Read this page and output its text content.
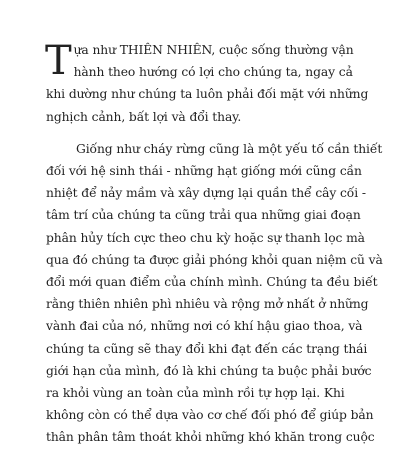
T ựa như THIÊN NHIÊN, cuộc sống thường vận
hành theo hướng có lợi cho chúng ta, ngay cả
khi dường như chúng ta luôn phải đối mặt với những
nghịch cảnh, bất lợi và đổi thay.

Giống như cháy rừng cũng là một yếu tố cần thiết
đối với hệ sinh thái - những hạt giống mới cũng cần
nhiệt để nảy mầm và xây dựng lại quần thể cây cối -
tâm trí của chúng ta cũng trải qua những giai đoạn
phân hủy tích cực theo chu kỳ hoặc sự thanh lọc mà
qua đó chúng ta được giải phóng khỏi quan niệm cũ và
đổi mới quan điểm của chính mình. Chúng ta đều biết
rằng thiên nhiên phì nhiêu và rộng mở nhất ở những
vành đai của nó, những nơi có khí hậu giao thoa, và
chúng ta cũng sẽ thay đổi khi đạt đến các trạng thái
giới hạn của mình, đó là khi chúng ta buộc phải bước
ra khỏi vùng an toàn của mình rồi tự hợp lại. Khi
không còn có thể dựa vào cơ chế đối phó để giúp bản
thân phân tâm thoát khỏi những khó khăn trong cuộc
